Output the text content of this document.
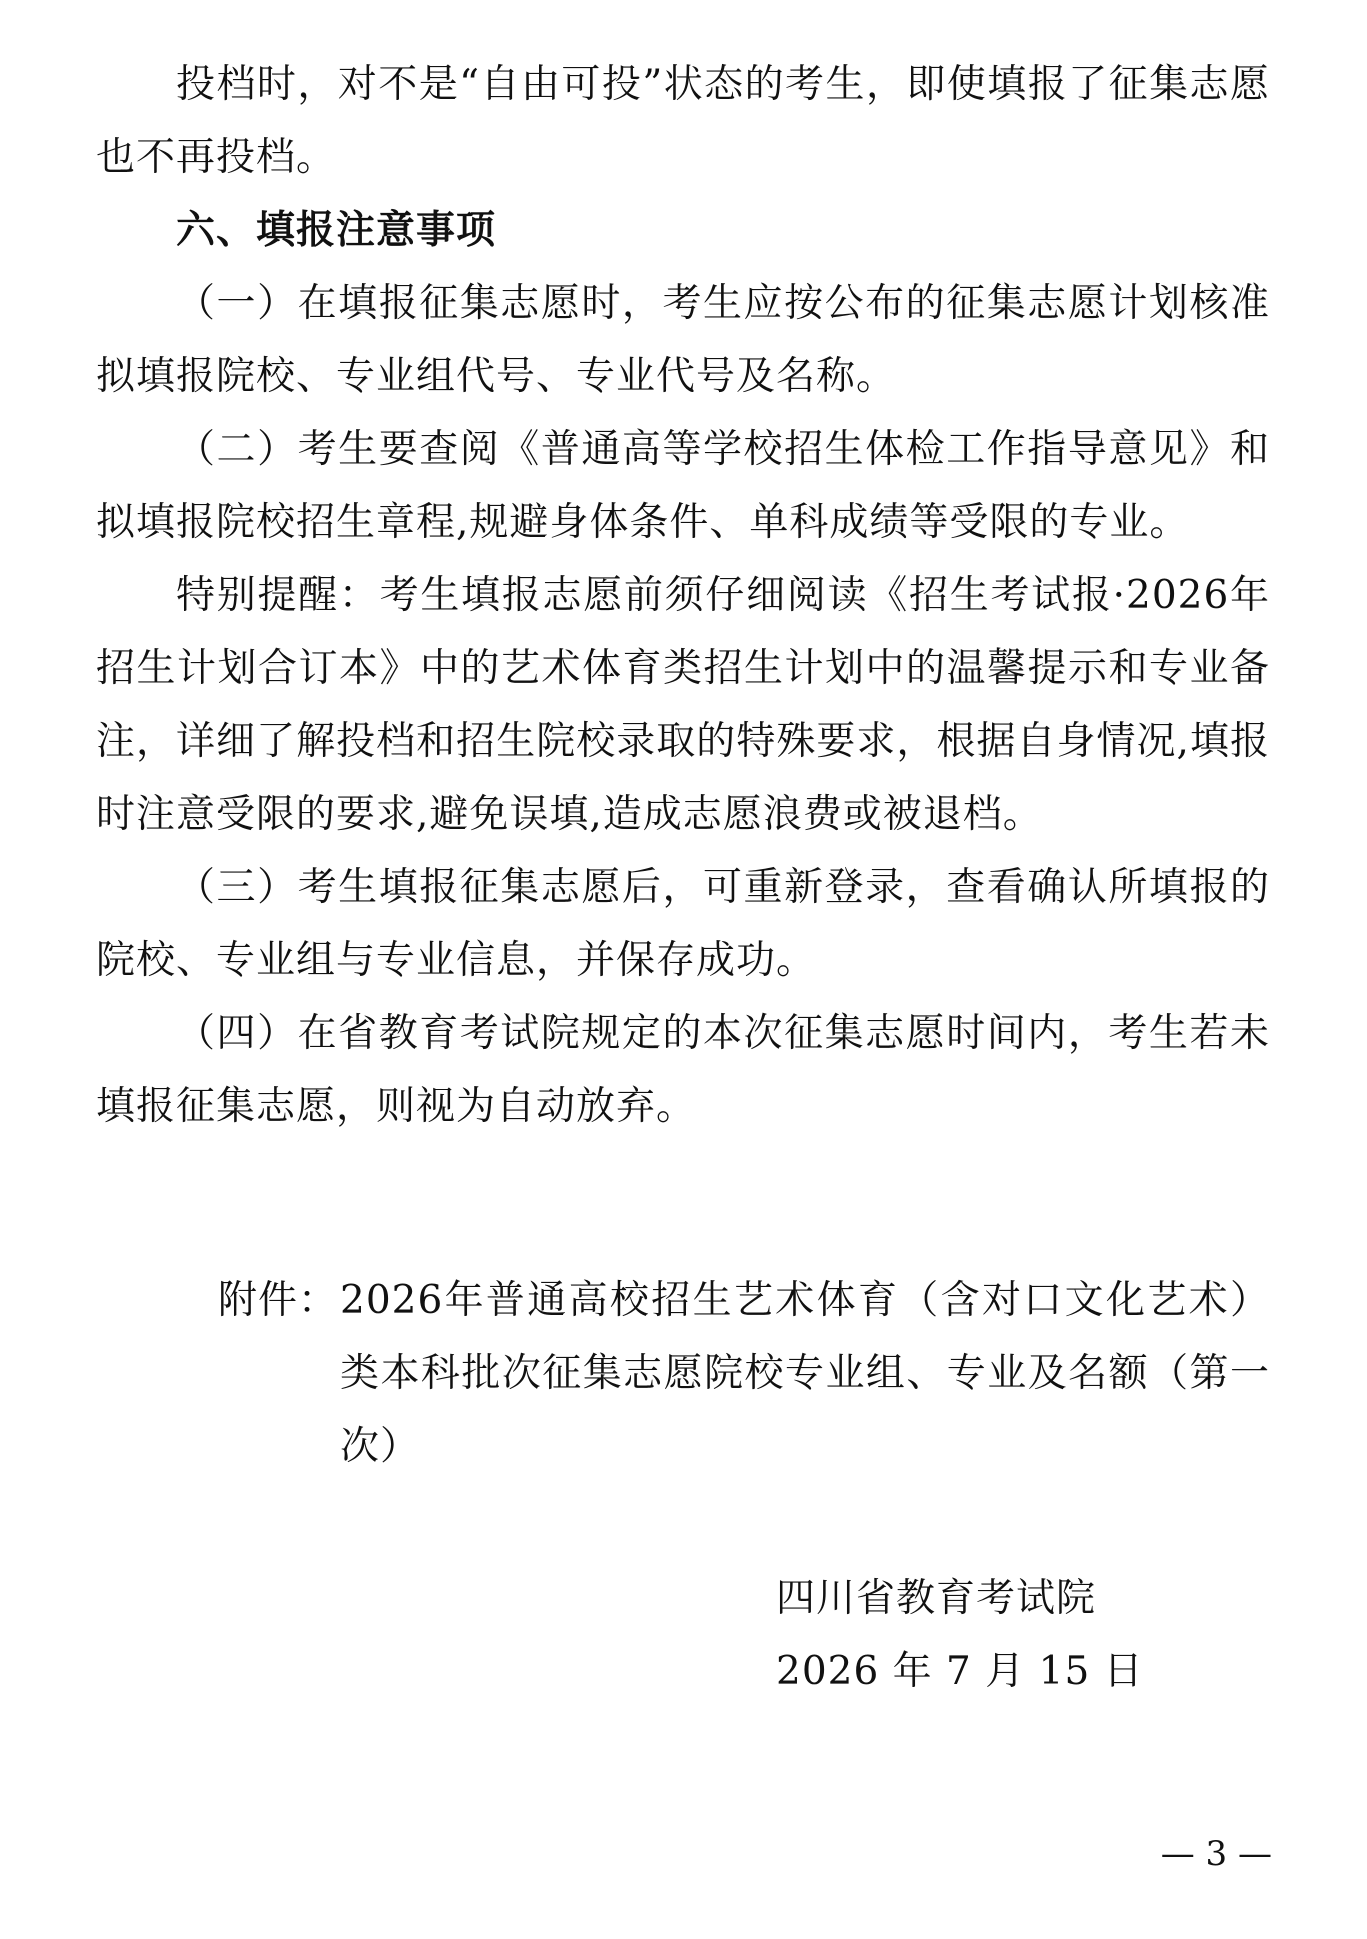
投档时，对不是“自由可投”状态的考生，即使填报了征集志愿也不再投档。

六、填报注意事项

（一）在填报征集志愿时，考生应按公布的征集志愿计划核准拟填报院校、专业组代号、专业代号及名称。

（二）考生要查阅《普通高等学校招生体检工作指导意见》和拟填报院校招生章程,规避身体条件、单科成绩等受限的专业。

特别提醒：考生填报志愿前须仔细阅读《招生考试报·2026年招生计划合订本》中的艺术体育类招生计划中的温馨提示和专业备注，详细了解投档和招生院校录取的特殊要求，根据自身情况,填报时注意受限的要求,避免误填,造成志愿浪费或被退档。

（三）考生填报征集志愿后，可重新登录，查看确认所填报的院校、专业组与专业信息，并保存成功。

（四）在省教育考试院规定的本次征集志愿时间内，考生若未填报征集志愿，则视为自动放弃。

附件： 2026年普通高校招生艺术体育（含对口文化艺术）类本科批次征集志愿院校专业组、专业及名额（第一次）
四川省教育考试院
2026 年 7 月 15 日
— 3 —
